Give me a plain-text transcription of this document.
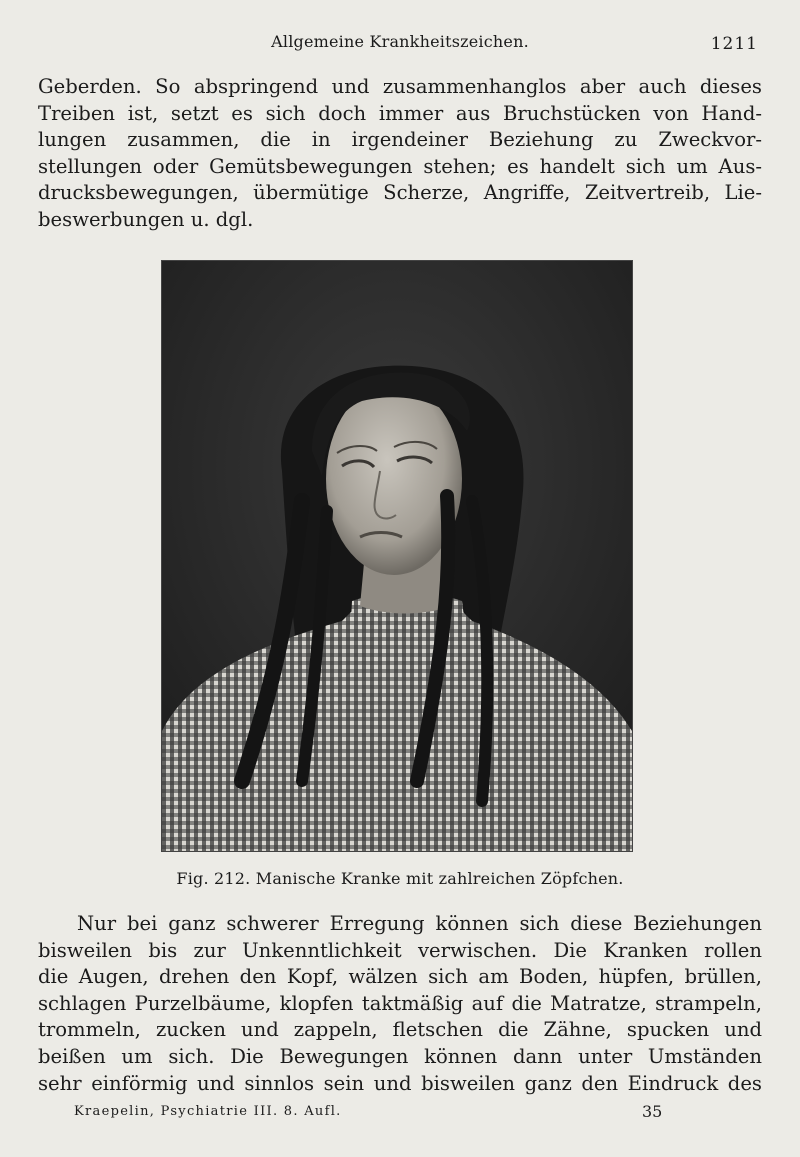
Allgemeine Krankheitszeichen.	1211

Geberden. So abspringend und zusammenhanglos aber auch dieses
Treiben ist, setzt es sich doch immer aus Bruchstücken von Hand-
lungen zusammen, die in irgendeiner Beziehung zu Zweckvor-
stellungen oder Gemütsbewegungen stehen; es handelt sich um Aus-
drucksbewegungen, übermütige Scherze, Angriffe, Zeitvertreib, Lie-
beswerbungen u. dgl.

Fig. 212. Manische Kranke mit zahlreichen Zöpfchen.

Nur bei ganz schwerer Erregung können sich diese Beziehungen
bisweilen bis zur Unkenntlichkeit verwischen. Die Kranken rollen
die Augen, drehen den Kopf, wälzen sich am Boden, hüpfen, brüllen,
schlagen Purzelbäume, klopfen taktmäßig auf die Matratze, strampeln,
trommeln, zucken und zappeln, fletschen die Zähne, spucken und
beißen um sich. Die Bewegungen können dann unter Umständen
sehr einförmig und sinnlos sein und bisweilen ganz den Eindruck des

Kraepelin, Psychiatrie III. 8. Aufl.	35
